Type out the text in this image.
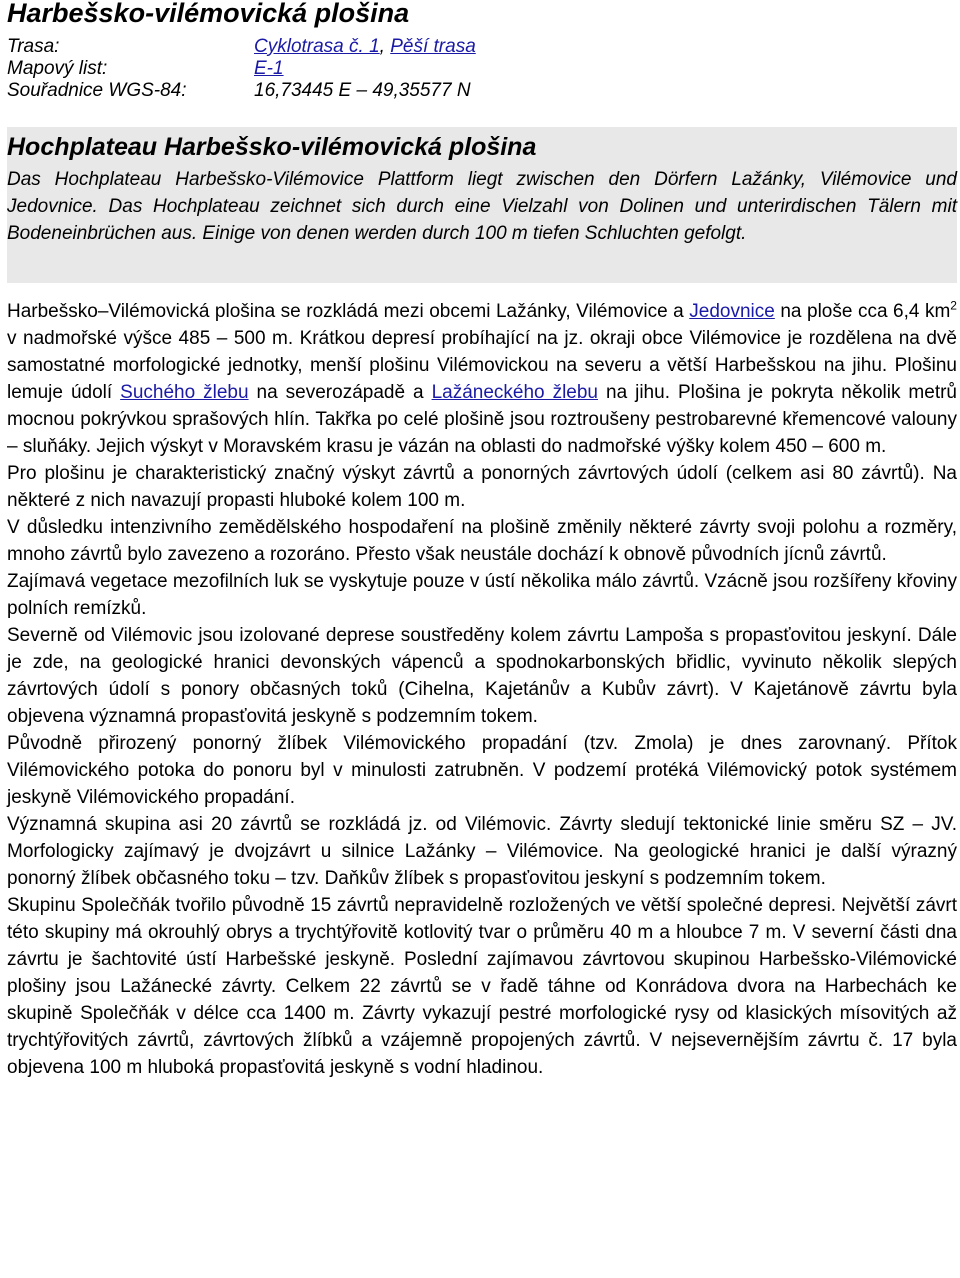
Harbešsko-vilémovická plošina
Trasa:	Cyklotrasa č. 1, Pěší trasa
Mapový list:	E-1
Souřadnice WGS-84:	16,73445 E – 49,35577 N
Hochplateau Harbešsko-vilémovická plošina

Das Hochplateau Harbešsko-Vilémovice Plattform liegt zwischen den Dörfern Lažánky, Vilémovice und Jedovnice. Das Hochplateau zeichnet sich durch eine Vielzahl von Dolinen und unterirdischen Tälern mit Bodeneinbrüchen aus. Einige von denen werden durch 100 m tiefen Schluchten gefolgt.

Harbešsko–Vilémovická plošina se rozkládá mezi obcemi Lažánky, Vilémovice a Jedovnice na ploše cca 6,4 $km^2$ v nadmořské výšce 485 – 500 m. Krátkou depresí probíhající na jz. okraji obce Vilémovice je rozdělena na dvě samostatné morfologické jednotky, menší plošinu Vilémovickou na severu a větší Harbešskou na jihu. Plošinu lemuje údolí Suchého žlebu na severozápadě a Lažáneckého žlebu na jihu. Plošina je pokryta několik metrů mocnou pokrývkou sprašových hlín. Takřka po celé plošině jsou roztroušeny pestrobarevné křemencové valouny – sluňáky. Jejich výskyt v Moravském krasu je vázán na oblasti do nadmořské výšky kolem 450 – 600 m.

Pro plošinu je charakteristický značný výskyt závrtů a ponorných závrtových údolí (celkem asi 80 závrtů). Na některé z nich navazují propasti hluboké kolem 100 m.

V důsledku intenzivního zemědělského hospodaření na plošině změnily některé závrty svoji polohu a rozměry, mnoho závrtů bylo zavezeno a rozoráno. Přesto však neustále dochází k obnově původních jícnů závrtů.

Zajímavá vegetace mezofilních luk se vyskytuje pouze v ústí několika málo závrtů. Vzácně jsou rozšířeny křoviny polních remízků.

Severně od Vilémovic jsou izolované deprese soustředěny kolem závrtu Lampoša s propasťovitou jeskyní. Dále je zde, na geologické hranici devonských vápenců a spodnokarbonských břidlic, vyvinuto několik slepých závrtových údolí s ponory občasných toků (Cihelna, Kajetánův a Kubův závrt). V Kajetánově závrtu byla objevena významná propasťovitá jeskyně s podzemním tokem.

Původně přirozený ponorný žlíbek Vilémovického propadání (tzv. Zmola) je dnes zarovnaný. Přítok Vilémovického potoka do ponoru byl v minulosti zatrubněn. V podzemí protéká Vilémovický potok systémem jeskyně Vilémovického propadání.

Významná skupina asi 20 závrtů se rozkládá jz. od Vilémovic. Závrty sledují tektonické linie směru SZ – JV. Morfologicky zajímavý je dvojzávrt u silnice Lažánky – Vilémovice. Na geologické hranici je další výrazný ponorný žlíbek občasného toku – tzv. Daňkův žlíbek s propasťovitou jeskyní s podzemním tokem.

Skupinu Společňák tvořilo původně 15 závrtů nepravidelně rozložených ve větší společné depresi. Největší závrt této skupiny má okrouhlý obrys a trychtýřovitě kotlovitý tvar o průměru 40 m a hloubce 7 m. V severní části dna závrtu je šachtovité ústí Harbešské jeskyně. Poslední zajímavou závrtovou skupinou Harbešsko-Vilémovické plošiny jsou Lažánecké závrty. Celkem 22 závrtů se v řadě táhne od Konrádova dvora na Harbechách ke skupině Společňák v délce cca 1400 m. Závrty vykazují pestré morfologické rysy od klasických mísovitých až trychtýřovitých závrtů, závrtových žlíbků a vzájemně propojených závrtů. V nejsevernějším závrtu č. 17 byla objevena 100 m hluboká propasťovitá jeskyně s vodní hladinou.
